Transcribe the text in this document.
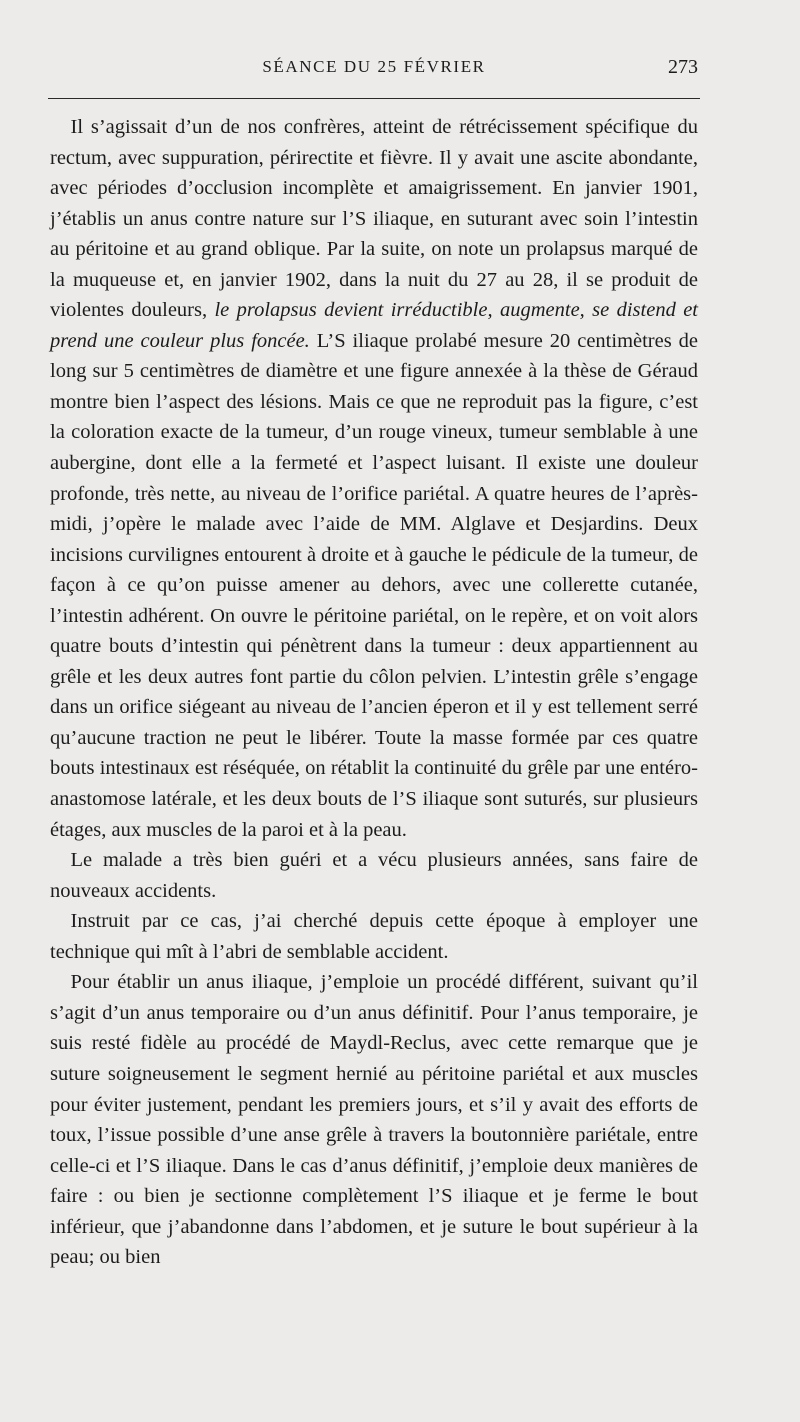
SÉANCE DU 25 FÉVRIER	273

Il s’agissait d’un de nos confrères, atteint de rétrécissement spécifique du rectum, avec suppuration, périrectite et fièvre. Il y avait une ascite abondante, avec périodes d’occlusion incomplète et amaigrissement. En janvier 1901, j’établis un anus contre nature sur l’S iliaque, en suturant avec soin l’intestin au péritoine et au grand oblique. Par la suite, on note un prolapsus marqué de la muqueuse et, en janvier 1902, dans la nuit du 27 au 28, il se produit de violentes douleurs, le prolapsus devient irréductible, augmente, se distend et prend une couleur plus foncée. L’S iliaque prolabé mesure 20 centimètres de long sur 5 centimètres de diamètre et une figure annexée à la thèse de Géraud montre bien l’aspect des lésions. Mais ce que ne reproduit pas la figure, c’est la coloration exacte de la tumeur, d’un rouge vineux, tumeur semblable à une aubergine, dont elle a la fermeté et l’aspect luisant. Il existe une douleur profonde, très nette, au niveau de l’orifice pariétal. A quatre heures de l’après-midi, j’opère le malade avec l’aide de MM. Alglave et Desjardins. Deux incisions curvilignes entourent à droite et à gauche le pédicule de la tumeur, de façon à ce qu’on puisse amener au dehors, avec une collerette cutanée, l’intestin adhérent. On ouvre le péritoine pariétal, on le repère, et on voit alors quatre bouts d’intestin qui pénètrent dans la tumeur : deux appartiennent au grêle et les deux autres font partie du côlon pelvien. L’intestin grêle s’engage dans un orifice siégeant au niveau de l’ancien éperon et il y est tellement serré qu’aucune traction ne peut le libérer. Toute la masse formée par ces quatre bouts intestinaux est réséquée, on rétablit la continuité du grêle par une entéro-anastomose latérale, et les deux bouts de l’S iliaque sont suturés, sur plusieurs étages, aux muscles de la paroi et à la peau.

Le malade a très bien guéri et a vécu plusieurs années, sans faire de nouveaux accidents.

Instruit par ce cas, j’ai cherché depuis cette époque à employer une technique qui mît à l’abri de semblable accident.

Pour établir un anus iliaque, j’emploie un procédé différent, suivant qu’il s’agit d’un anus temporaire ou d’un anus définitif. Pour l’anus temporaire, je suis resté fidèle au procédé de Maydl-Reclus, avec cette remarque que je suture soigneusement le segment hernié au péritoine pariétal et aux muscles pour éviter justement, pendant les premiers jours, et s’il y avait des efforts de toux, l’issue possible d’une anse grêle à travers la boutonnière pariétale, entre celle-ci et l’S iliaque. Dans le cas d’anus définitif, j’emploie deux manières de faire : ou bien je sectionne complètement l’S iliaque et je ferme le bout inférieur, que j’abandonne dans l’abdomen, et je suture le bout supérieur à la peau; ou bien
